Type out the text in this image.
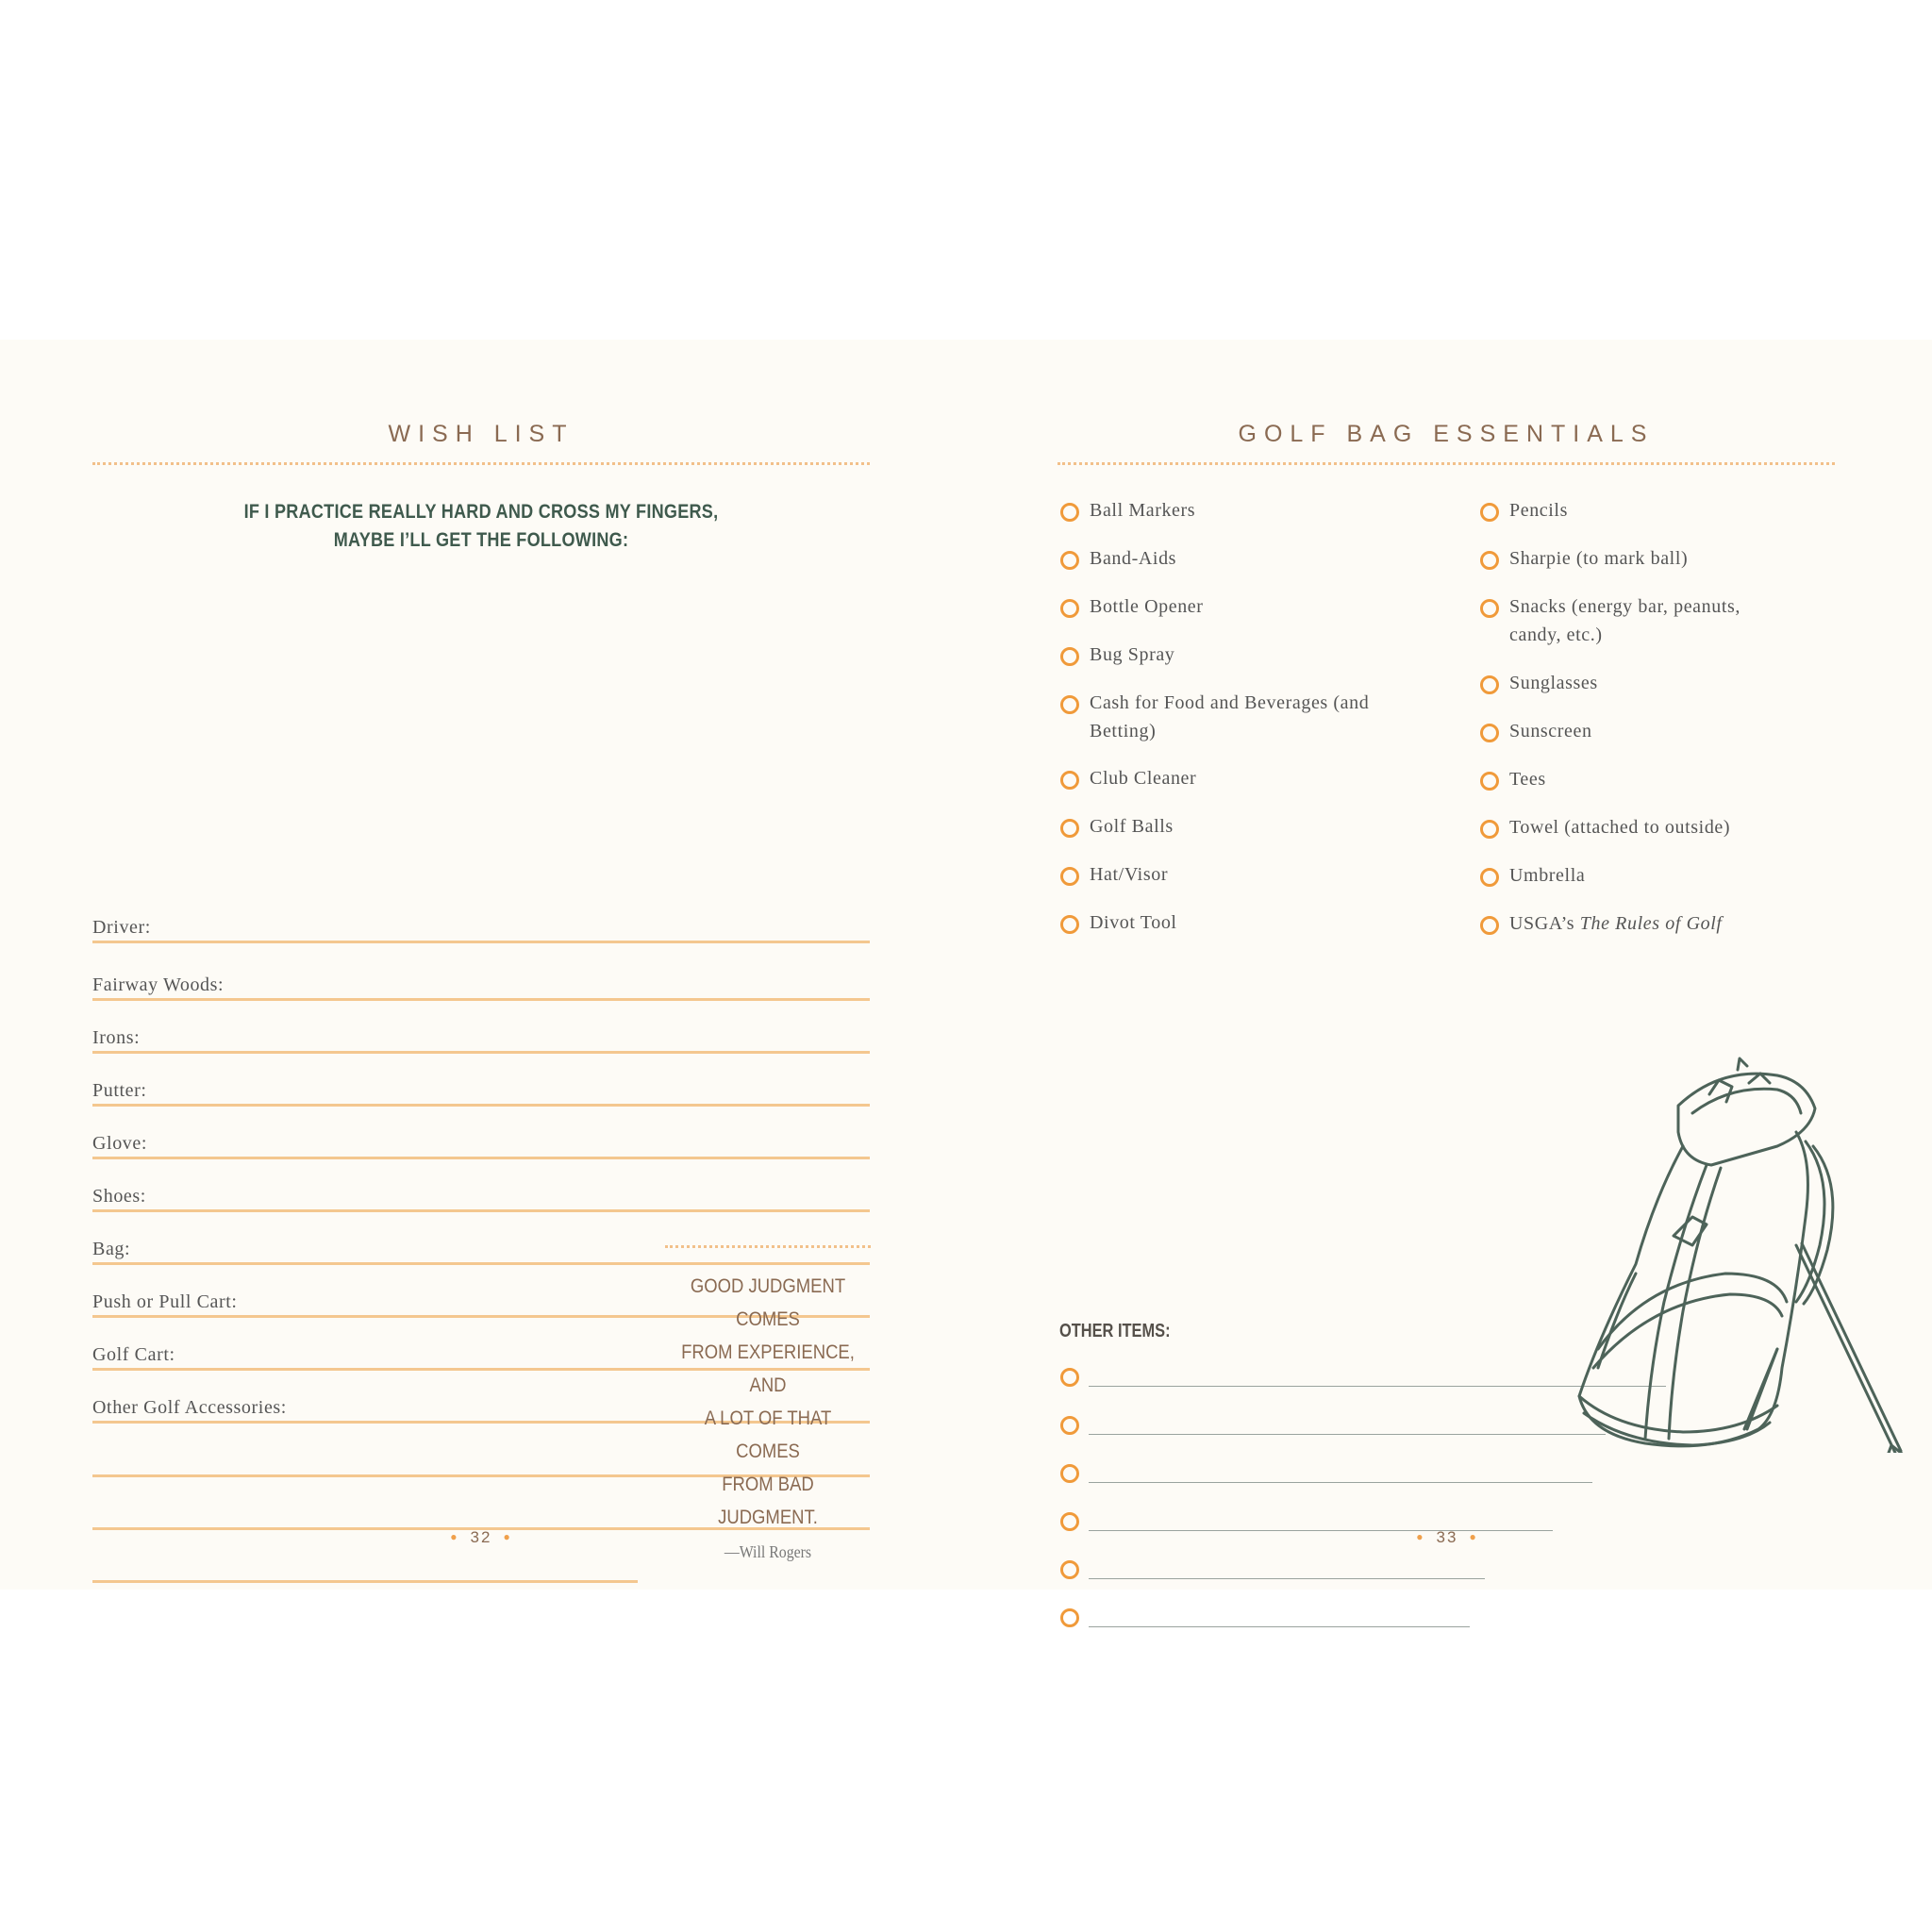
WISH LIST
IF I PRACTICE REALLY HARD AND CROSS MY FINGERS,
MAYBE I’LL GET THE FOLLOWING:
Driver:
Fairway Woods:
Irons:
Putter:
Glove:
Shoes:
Bag:
Push or Pull Cart:
Golf Cart:
Other Golf Accessories:
GOOD JUDGMENT COMES
FROM EXPERIENCE, AND
A LOT OF THAT COMES
FROM BAD JUDGMENT.
—Will Rogers
● 32 ●
GOLF BAG ESSENTIALS
Ball Markers
Band-Aids
Bottle Opener
Bug Spray
Cash for Food and Beverages (and Betting)
Club Cleaner
Golf Balls
Hat/Visor
Divot Tool
Pencils
Sharpie (to mark ball)
Snacks (energy bar, peanuts, candy, etc.)
Sunglasses
Sunscreen
Tees
Towel (attached to outside)
Umbrella
USGA’s The Rules of Golf
OTHER ITEMS:
● 33 ●
